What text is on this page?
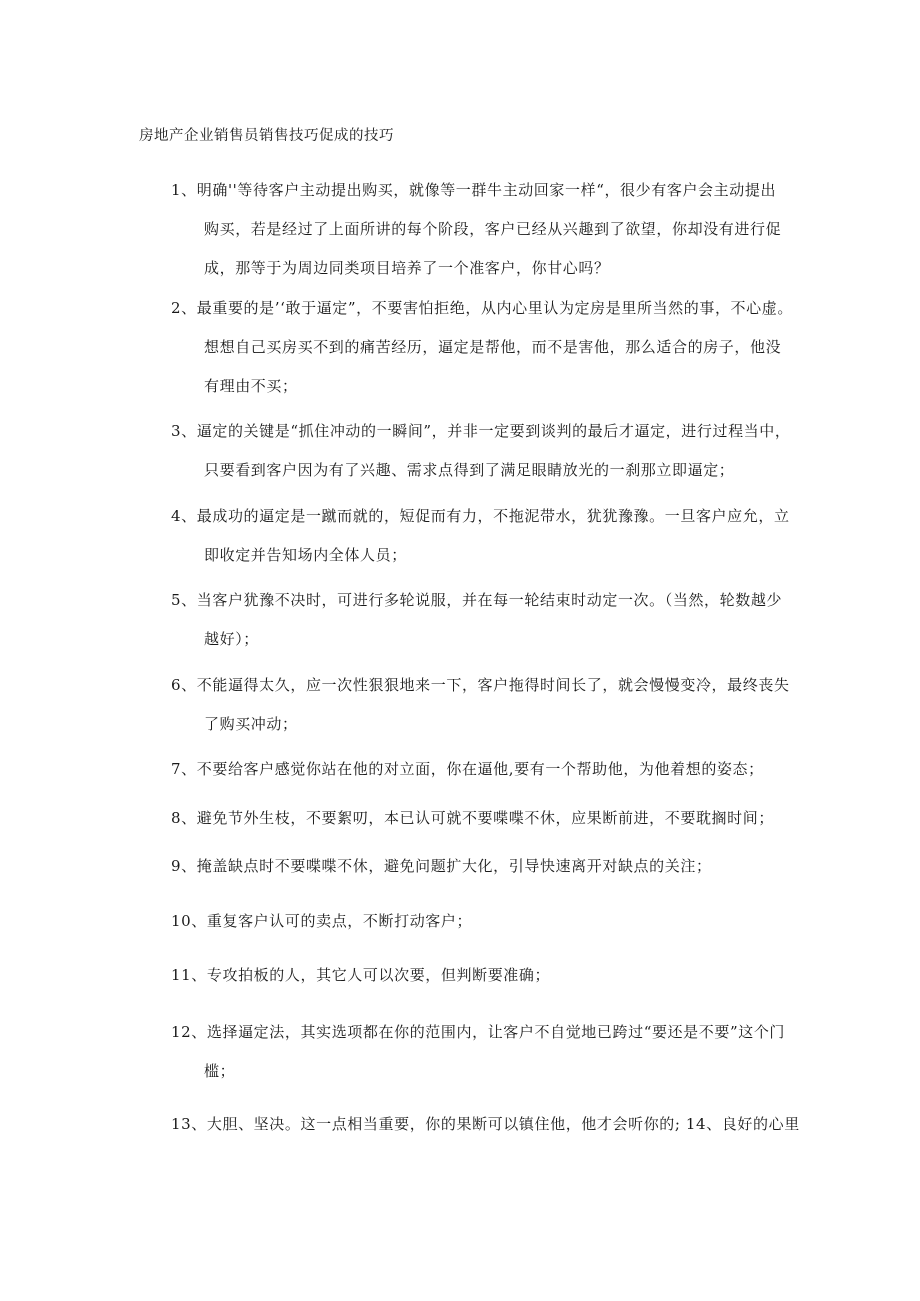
房地产企业销售员销售技巧促成的技巧
1、明确''等待客户主动提出购买，就像等一群牛主动回家一样“，很少有客户会主动提出
购买，若是经过了上面所讲的每个阶段，客户已经从兴趣到了欲望，你却没有进行促
成，那等于为周边同类项目培养了一个准客户，你甘心吗？
2、最重要的是’‘敢于逼定”，不要害怕拒绝，从内心里认为定房是里所当然的事，不心虚。
想想自己买房买不到的痛苦经历，逼定是帮他，而不是害他，那么适合的房子，他没
有理由不买；
3、逼定的关键是“抓住冲动的一瞬间”，并非一定要到谈判的最后才逼定，进行过程当中，
只要看到客户因为有了兴趣、需求点得到了满足眼睛放光的一刹那立即逼定；
4、最成功的逼定是一蹴而就的，短促而有力，不拖泥带水，犹犹豫豫。一旦客户应允，立
即收定并告知场内全体人员；
5、当客户犹豫不决时，可进行多轮说服，并在每一轮结束时动定一次。（当然，轮数越少
越好）；
6、不能逼得太久，应一次性狠狠地来一下，客户拖得时间长了，就会慢慢变冷，最终丧失
了购买冲动；
7、不要给客户感觉你站在他的对立面，你在逼他,要有一个帮助他，为他着想的姿态；
8、避免节外生枝，不要絮叨，本已认可就不要喋喋不休，应果断前进，不要耽搁时间；
9、掩盖缺点时不要喋喋不休，避免问题扩大化，引导快速离开对缺点的关注；
10、重复客户认可的卖点，不断打动客户；
11、专攻拍板的人，其它人可以次要，但判断要准确；
12、选择逼定法，其实选项都在你的范围内，让客户不自觉地已跨过“要还是不要”这个门
槛；
13、大胆、坚决。这一点相当重要，你的果断可以镇住他，他才会听你的; 14、良好的心里
